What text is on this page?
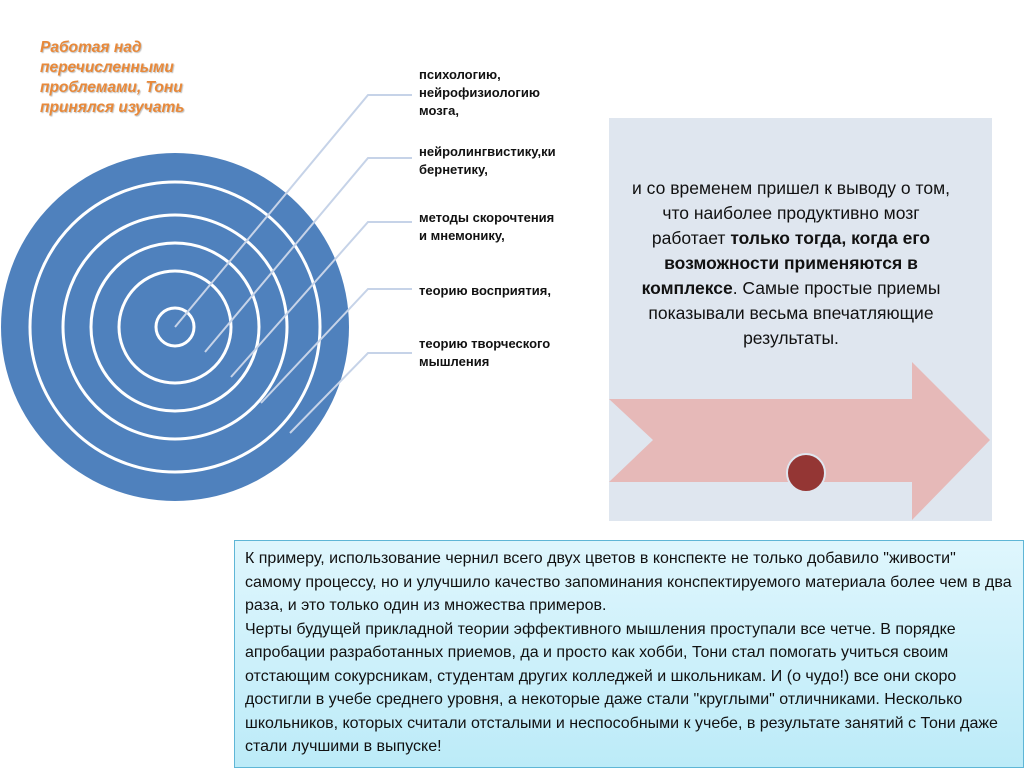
Работая над
перечисленными
проблемами, Тони
принялся изучать
психологию,
нейрофизиологию
мозга,
нейролингвистику,ки
бернетику,
методы скорочтения
и мнемонику,
теорию восприятия,
теорию творческого
мышления
и со временем пришел к выводу о том, что наиболее продуктивно мозг работает только тогда, когда его возможности применяются в комплексе. Самые простые приемы показывали весьма впечатляющие результаты.

К примеру, использование чернил всего двух цветов в конспекте не только добавило "живости" самому процессу, но и улучшило качество запоминания конспектируемого материала более чем в два раза, и это только один из множества примеров.

Черты будущей прикладной теории эффективного мышления проступали все четче. В порядке апробации разработанных приемов, да и просто как хобби, Тони стал помогать учиться своим отстающим сокурсникам, студентам других колледжей и школьникам. И (о чудо!) все они скоро достигли в учебе среднего уровня, а некоторые даже стали "круглыми" отличниками. Несколько школьников, которых считали отсталыми и неспособными к учебе, в результате занятий с Тони даже стали лучшими в выпуске!
